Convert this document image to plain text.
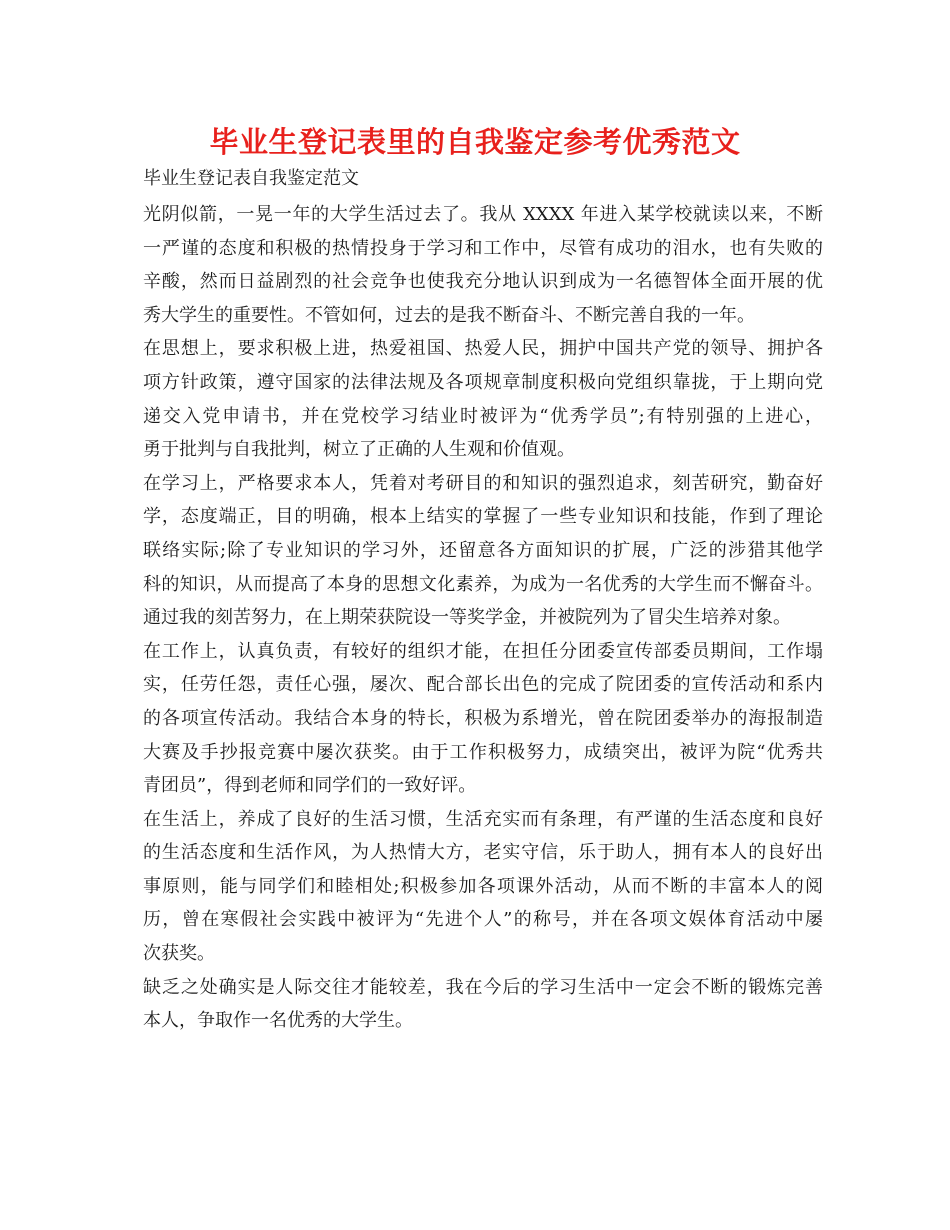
毕业生登记表里的自我鉴定参考优秀范文
毕业生登记表自我鉴定范文
光阴似箭，一晃一年的大学生活过去了。我从 XXXX 年进入某学校就读以来，不断
一严谨的态度和积极的热情投身于学习和工作中，尽管有成功的泪水，也有失败的
辛酸，然而日益剧烈的社会竞争也使我充分地认识到成为一名德智体全面开展的优
秀大学生的重要性。不管如何，过去的是我不断奋斗、不断完善自我的一年。
在思想上，要求积极上进，热爱祖国、热爱人民，拥护中国共产党的领导、拥护各
项方针政策，遵守国家的法律法规及各项规章制度积极向党组织靠拢，于上期向党
递交入党申请书，并在党校学习结业时被评为“优秀学员”;有特别强的上进心，
勇于批判与自我批判，树立了正确的人生观和价值观。
在学习上，严格要求本人，凭着对考研目的和知识的强烈追求，刻苦研究，勤奋好
学，态度端正，目的明确，根本上结实的掌握了一些专业知识和技能，作到了理论
联络实际;除了专业知识的学习外，还留意各方面知识的扩展，广泛的涉猎其他学
科的知识，从而提高了本身的思想文化素养，为成为一名优秀的大学生而不懈奋斗。
通过我的刻苦努力，在上期荣获院设一等奖学金，并被院列为了冒尖生培养对象。
在工作上，认真负责，有较好的组织才能，在担任分团委宣传部委员期间，工作塌
实，任劳任怨，责任心强，屡次、配合部长出色的完成了院团委的宣传活动和系内
的各项宣传活动。我结合本身的特长，积极为系增光，曾在院团委举办的海报制造
大赛及手抄报竞赛中屡次获奖。由于工作积极努力，成绩突出，被评为院“优秀共
青团员”，得到老师和同学们的一致好评。
在生活上，养成了良好的生活习惯，生活充实而有条理，有严谨的生活态度和良好
的生活态度和生活作风，为人热情大方，老实守信，乐于助人，拥有本人的良好出
事原则，能与同学们和睦相处;积极参加各项课外活动，从而不断的丰富本人的阅
历，曾在寒假社会实践中被评为“先进个人”的称号，并在各项文娱体育活动中屡
次获奖。
缺乏之处确实是人际交往才能较差，我在今后的学习生活中一定会不断的锻炼完善
本人，争取作一名优秀的大学生。
